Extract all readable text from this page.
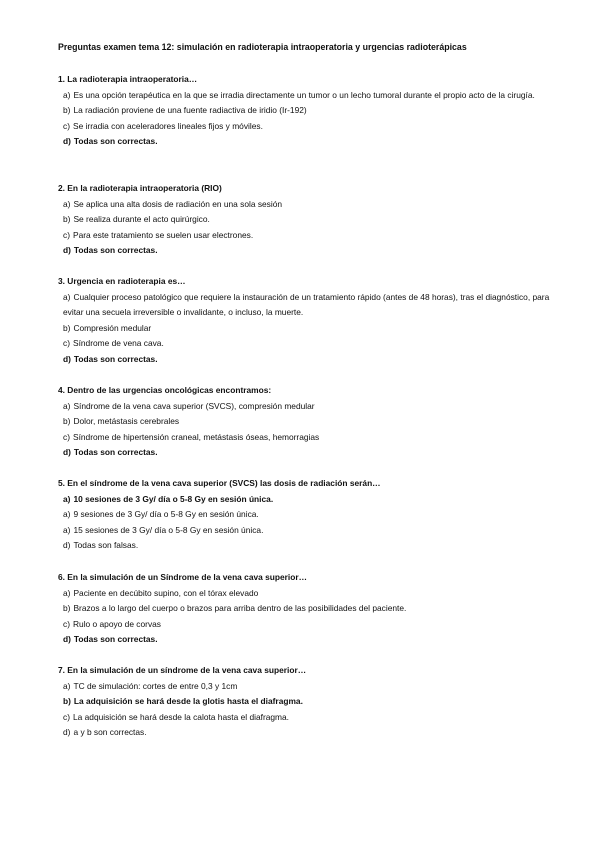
Preguntas examen tema 12: simulación en radioterapia intraoperatoria y urgencias radioterápicas
1. La radioterapia intraoperatoria…
a) Es una opción terapéutica en la que se irradia directamente un tumor o un lecho tumoral durante el propio acto de la cirugía.
b) La radiación proviene de una fuente radiactiva de iridio (Ir-192)
c) Se irradia con aceleradores lineales fijos y móviles.
d) Todas son correctas.
2. En la radioterapia intraoperatoria (RIO)
a) Se aplica una alta dosis de radiación en una sola sesión
b) Se realiza durante el acto quirúrgico.
c) Para este tratamiento se suelen usar electrones.
d) Todas son correctas.
3. Urgencia en radioterapia es…
a) Cualquier proceso patológico que requiere la instauración de un tratamiento rápido (antes de 48 horas), tras el diagnóstico, para evitar una secuela irreversible o invalidante, o incluso, la muerte.
b) Compresión medular
c) Síndrome de vena cava.
d) Todas son correctas.
4. Dentro de las urgencias oncológicas encontramos:
a) Síndrome de la vena cava superior (SVCS), compresión medular
b) Dolor, metástasis cerebrales
c) Síndrome de hipertensión craneal, metástasis óseas, hemorragias
d) Todas son correctas.
5. En el síndrome de la vena cava superior (SVCS) las dosis de radiación serán…
a) 10 sesiones de 3 Gy/ día o 5-8 Gy en sesión única.
a) 9 sesiones de 3 Gy/ día o 5-8 Gy en sesión única.
a) 15 sesiones de 3 Gy/ día o 5-8 Gy en sesión única.
d) Todas son falsas.
6. En la simulación de un Síndrome de la vena cava superior…
a) Paciente en decúbito supino, con el tórax elevado
b) Brazos a lo largo del cuerpo o brazos para arriba dentro de las posibilidades del paciente.
c) Rulo o apoyo de corvas
d) Todas son correctas.
7. En la simulación de un síndrome de la vena cava superior…
a) TC de simulación: cortes de entre 0,3 y 1cm
b) La adquisición se hará desde la glotis hasta el diafragma.
c) La adquisición se hará desde la calota hasta el diafragma.
d) a y b son correctas.
